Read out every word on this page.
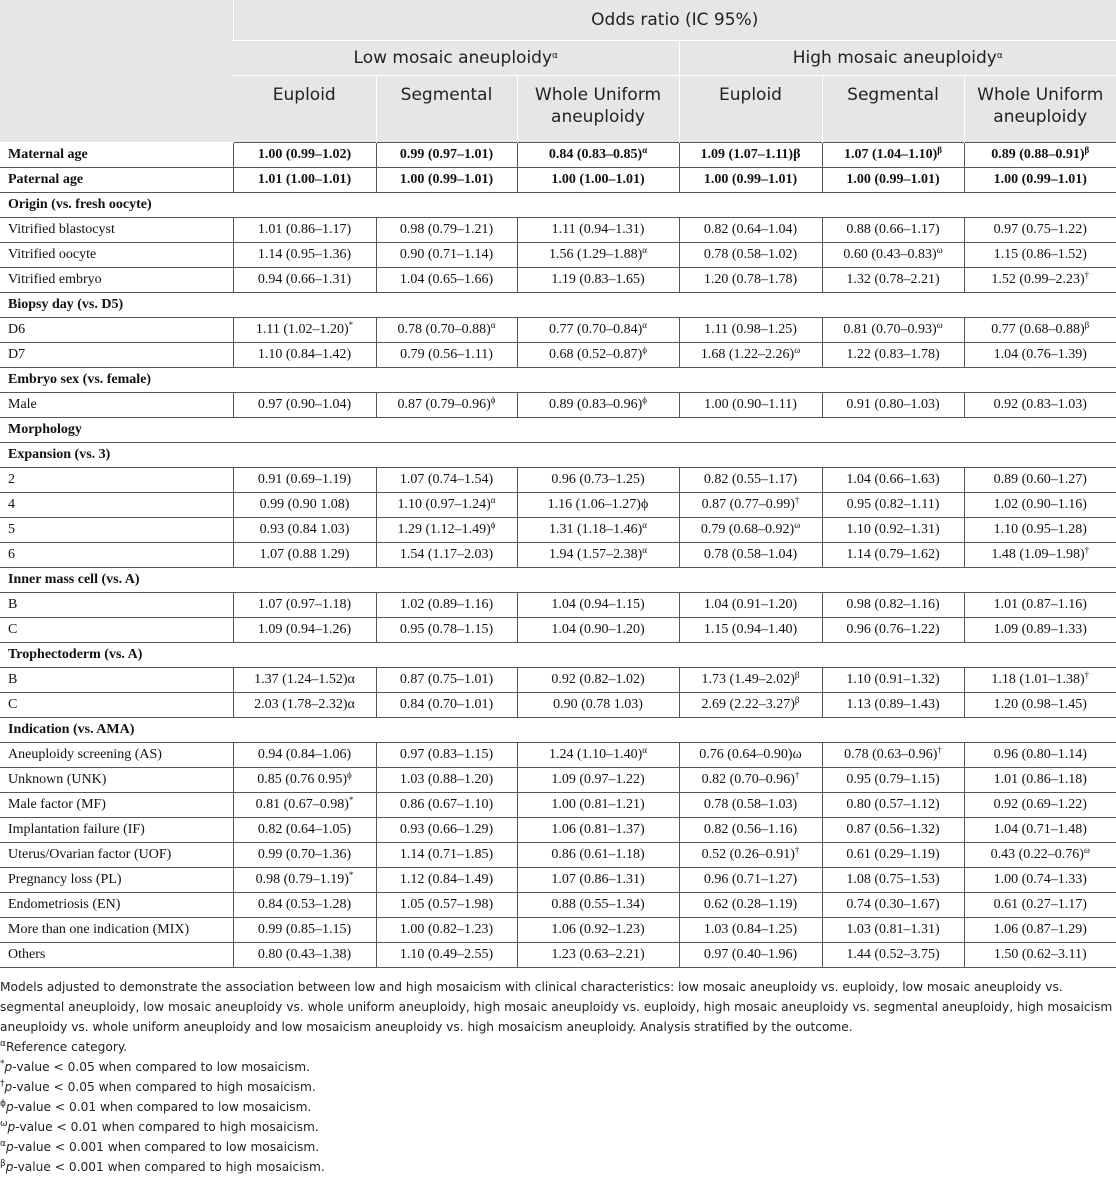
	Odds ratio (IC 95%)					
	Low mosaic aneuploidy$^\alpha$			High mosaic aneuploidy$^\alpha$
	Euploid	Segmental	Whole Uniform aneuploidy	Euploid	Segmental	Whole Uniform aneuploidy
Maternal age	1.00 (0.99–1.02)	0.99 (0.97–1.01)	0.84 $(0.83-0.85)^\alpha$	1.09 (1.07–1.11)β	1.07 $(1.04-1.10)^\beta$	0.89 $(0.88-0.91)^\beta$
Paternal age	1.01 (1.00–1.01)	1.00 (0.99–1.01)	1.00 (1.00–1.01)	1.00 (0.99–1.01)	1.00 (0.99–1.01)	1.00 (0.99–1.01)
Origin (vs. fresh oocyte)						
Vitrified blastocyst	1.01 (0.86–1.17)	0.98 (0.79–1.21)	1.11 (0.94–1.31)	0.82 (0.64–1.04)	0.88 (0.66–1.17)	0.97 (0.75–1.22)
Vitrified oocyte	1.14 (0.95–1.36)	0.90 (0.71–1.14)	1.56 $(1.29-1.88)^\alpha$	0.78 (0.58–1.02)	0.60 $(0.43-0.83)^\omega$	1.15 (0.86–1.52)
Vitrified embryo	0.94 (0.66–1.31)	1.04 (0.65–1.66)	1.19 (0.83–1.65)	1.20 (0.78–1.78)	1.32 (0.78–2.21)	1.52 (0.99–2.23)†
Biopsy day (vs. D5)						
D6	1.11 (1.02–1.20)*	0.78 $(0.70-0.88)^\alpha$	0.77 $(0.70-0.84)^\alpha$	1.11 (0.98–1.25)	0.81 $(0.70-0.93)^\omega$	0.77 $(0.68-0.88)^\beta$
D7	1.10 (0.84–1.42)	0.79 (0.56–1.11)	0.68 $(0.52-0.87)^\phi$	1.68 $(1.22-2.26)^\omega$	1.22 (0.83–1.78)	1.04 (0.76–1.39)
Embryo sex (vs. female)						
Male	0.97 (0.90–1.04)	0.87 $(0.79-0.96)^\phi$	0.89 $(0.83-0.96)^\phi$	1.00 (0.90–1.11)	0.91 (0.80–1.03)	0.92 (0.83–1.03)
Morphology						
Expansion (vs. 3)						
2	0.91 (0.69–1.19)	1.07 (0.74–1.54)	0.96 (0.73–1.25)	0.82 (0.55–1.17)	1.04 (0.66–1.63)	0.89 (0.60–1.27)
4	0.99 (0.90 1.08)	1.10 $(0.97-1.24)^\alpha$	1.16 (1.06–1.27)ϕ	0.87 (0.77–0.99)†	0.95 (0.82–1.11)	1.02 (0.90–1.16)
5	0.93 (0.84 1.03)	1.29 $(1.12-1.49)^\phi$	1.31 $(1.18-1.46)^\alpha$	0.79 $(0.68-0.92)^\omega$	1.10 (0.92–1.31)	1.10 (0.95–1.28)
6	1.07 (0.88 1.29)	1.54 (1.17–2.03)	1.94 $(1.57-2.38)^\alpha$	0.78 (0.58–1.04)	1.14 (0.79–1.62)	1.48 (1.09–1.98)†
Inner mass cell (vs. A)						
B	1.07 (0.97–1.18)	1.02 (0.89–1.16)	1.04 (0.94–1.15)	1.04 (0.91–1.20)	0.98 (0.82–1.16)	1.01 (0.87–1.16)
C	1.09 (0.94–1.26)	0.95 (0.78–1.15)	1.04 (0.90–1.20)	1.15 (0.94–1.40)	0.96 (0.76–1.22)	1.09 (0.89–1.33)
Trophectoderm (vs. A)						
B	1.37 (1.24–1.52)α	0.87 (0.75–1.01)	0.92 (0.82–1.02)	1.73 $(1.49-2.02)^\beta$	1.10 (0.91–1.32)	1.18 (1.01–1.38)†
C	2.03 (1.78–2.32)α	0.84 (0.70–1.01)	0.90 (0.78 1.03)	2.69 $(2.22-3.27)^\beta$	1.13 (0.89–1.43)	1.20 (0.98–1.45)
Indication (vs. AMA)						
Aneuploidy screening (AS)	0.94 (0.84–1.06)	0.97 (0.83–1.15)	1.24 $(1.10-1.40)^\alpha$	0.76 (0.64–0.90)ω	0.78 (0.63–0.96)†	0.96 (0.80–1.14)
Unknown (UNK)	0.85 (0.76 0.95)$^\phi$	1.03 (0.88–1.20)	1.09 (0.97–1.22)	0.82 (0.70–0.96)†	0.95 (0.79–1.15)	1.01 (0.86–1.18)
Male factor (MF)	0.81 (0.67–0.98)*	0.86 (0.67–1.10)	1.00 (0.81–1.21)	0.78 (0.58–1.03)	0.80 (0.57–1.12)	0.92 (0.69–1.22)
Implantation failure (IF)	0.82 (0.64–1.05)	0.93 (0.66–1.29)	1.06 (0.81–1.37)	0.82 (0.56–1.16)	0.87 (0.56–1.32)	1.04 (0.71–1.48)
Uterus/Ovarian factor (UOF)	0.99 (0.70–1.36)	1.14 (0.71–1.85)	0.86 (0.61–1.18)	0.52 (0.26–0.91)†	0.61 (0.29–1.19)	0.43 $(0.22-0.76)^\omega$
Pregnancy loss (PL)	0.98 (0.79–1.19)*	1.12 (0.84–1.49)	1.07 (0.86–1.31)	0.96 (0.71–1.27)	1.08 (0.75–1.53)	1.00 (0.74–1.33)
Endometriosis (EN)	0.84 (0.53–1.28)	1.05 (0.57–1.98)	0.88 (0.55–1.34)	0.62 (0.28–1.19)	0.74 (0.30–1.67)	0.61 (0.27–1.17)
More than one indication (MIX)	0.99 (0.85–1.15)	1.00 (0.82–1.23)	1.06 (0.92–1.23)	1.03 (0.84–1.25)	1.03 (0.81–1.31)	1.06 (0.87–1.29)
Others	0.80 (0.43–1.38)	1.10 (0.49–2.55)	1.23 (0.63–2.21)	0.97 (0.40–1.96)	1.44 (0.52–3.75)	1.50 (0.62–3.11)

Models adjusted to demonstrate the association between low and high mosaicism with clinical characteristics: low mosaic aneuploidy vs. euploidy, low mosaic aneuploidy vs. segmental aneuploidy, low mosaic aneuploidy vs. whole uniform aneuploidy, high mosaic aneuploidy vs. euploidy, high mosaic aneuploidy vs. segmental aneuploidy, high mosaicism aneuploidy vs. whole uniform aneuploidy and low mosaicism aneuploidy vs. high mosaicism aneuploidy. Analysis stratified by the outcome.

$^\alpha$Reference category.

*p-value < 0.05 when compared to low mosaicism.

†p-value < 0.05 when compared to high mosaicism.

$^\phi$p-value < 0.01 when compared to low mosaicism.

$^\omega$p-value < 0.01 when compared to high mosaicism.

$^\alpha$p-value < 0.001 when compared to low mosaicism.

$^\beta$p-value < 0.001 when compared to high mosaicism.
